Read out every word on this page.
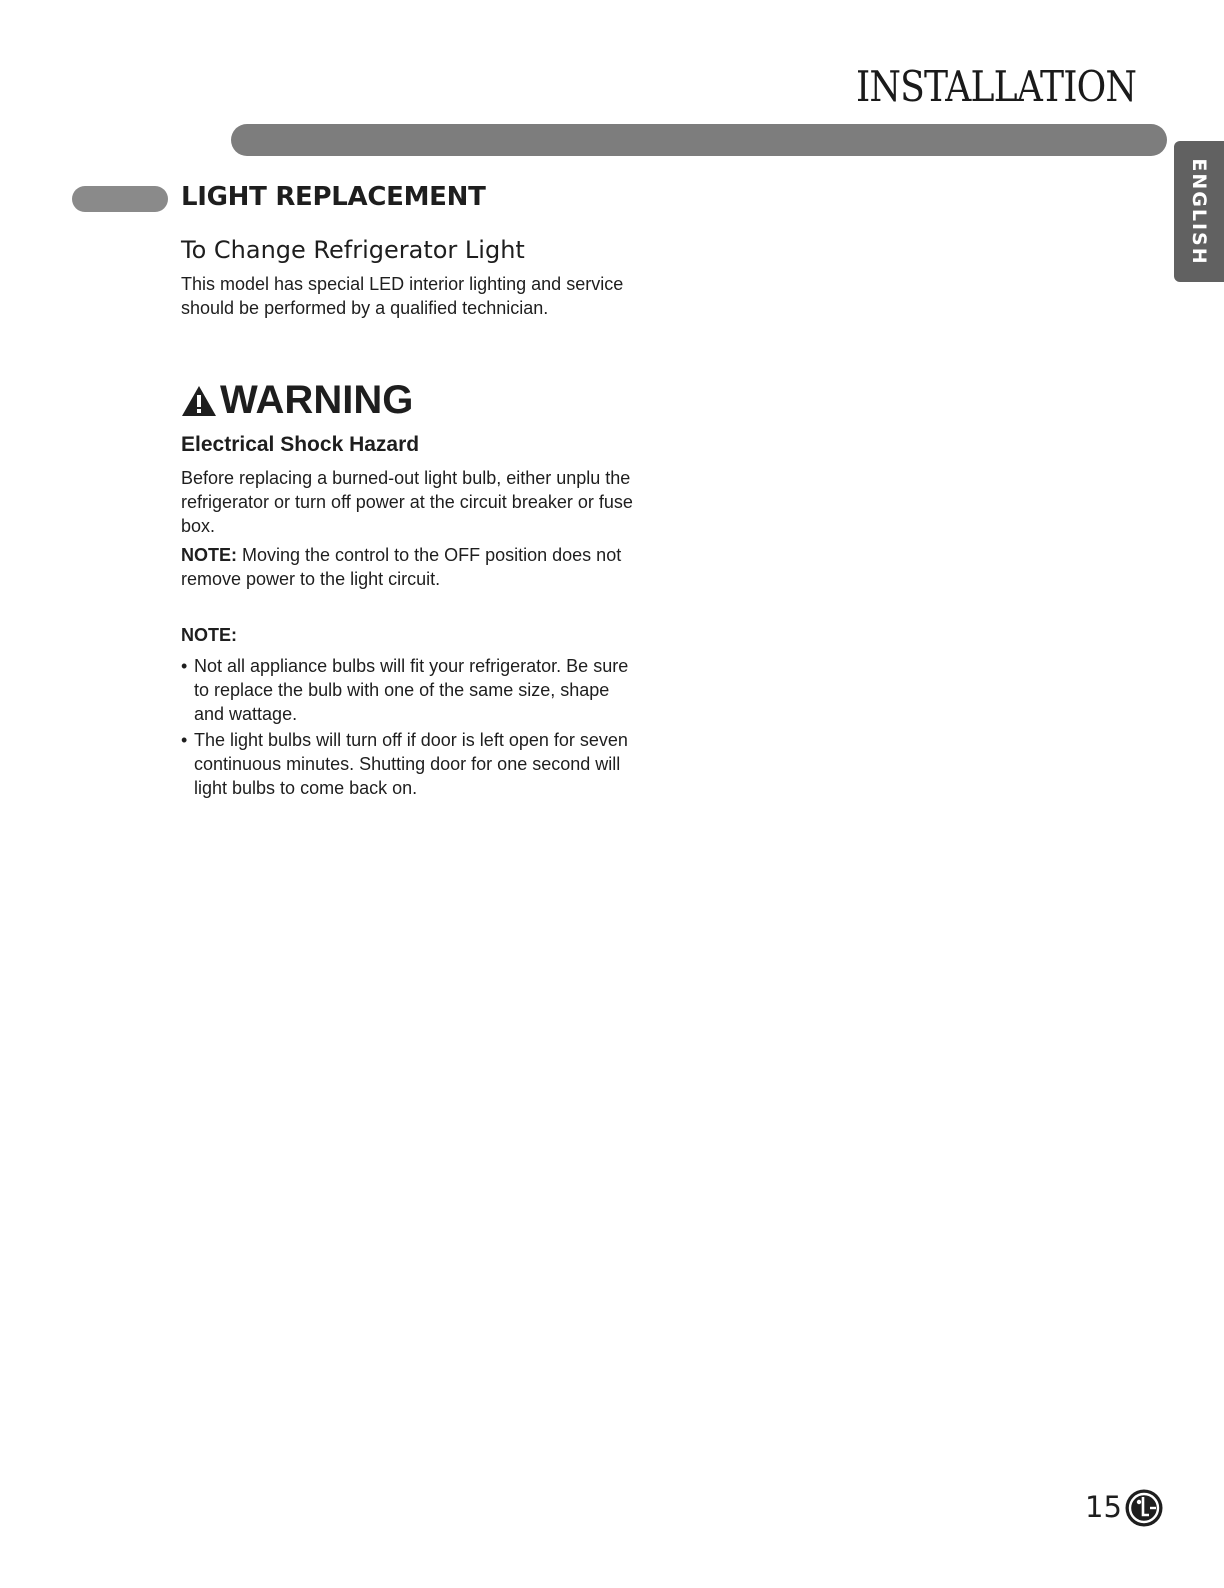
INSTALLATION
ENGLISH
LIGHT REPLACEMENT
To Change Refrigerator Light
This model has special LED interior lighting and service should be performed by a qualified technician.
WARNING
Electrical Shock Hazard
Before replacing a burned-out light bulb, either unplu the refrigerator or turn off power at the circuit breaker or fuse box.
NOTE: Moving the control to the OFF position does not remove power to the light circuit.
NOTE:
• Not all appliance bulbs will fit your refrigerator. Be sure to replace the bulb with one of the same size, shape and wattage.
• The light bulbs will turn off if door is left open for seven continuous minutes. Shutting door for one second will light bulbs to come back on.
15
